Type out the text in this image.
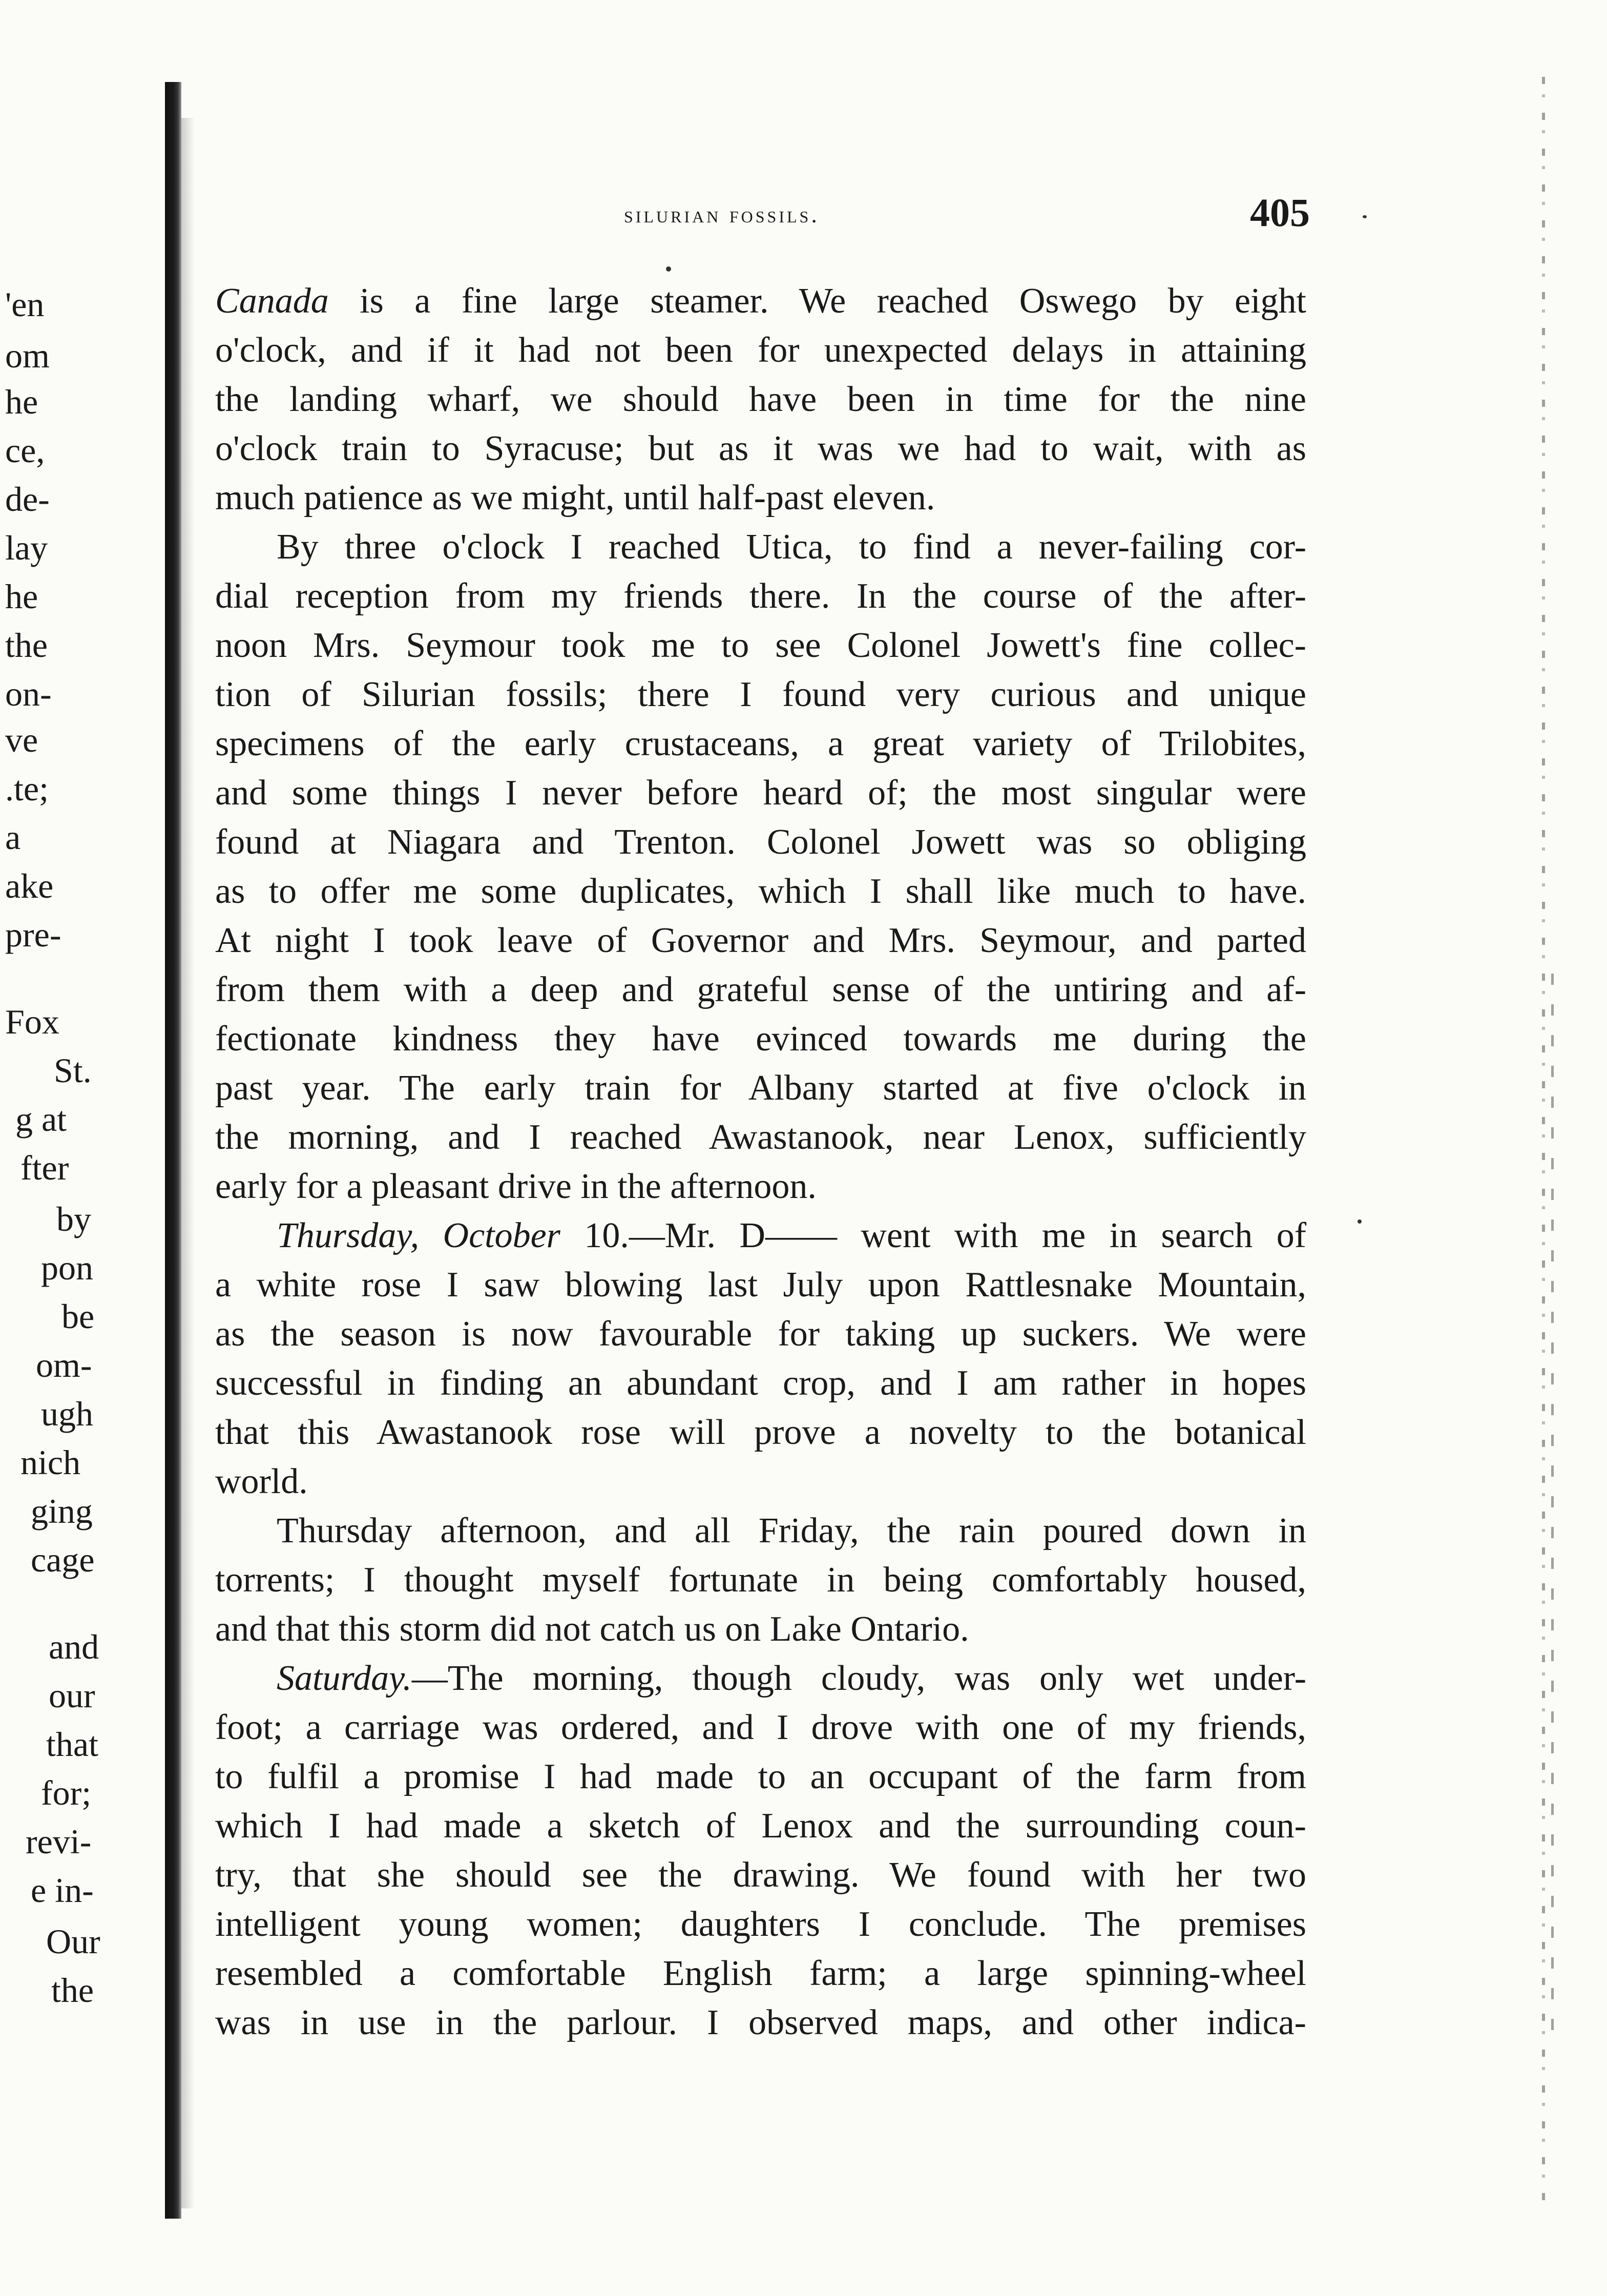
'en
om
he
ce,
de-
lay
he
the
on-
ve
.te;
a
ake
pre-
Fox
St.
g at
fter
by
pon
be
om-
ugh
nich
ging
cage
and
our
that
for;
revi-
e in-
Our
the
silurian fossils.	405
Canada is a fine large steamer. We reached Oswego by eight
o'clock, and if it had not been for unexpected delays in attaining
the landing wharf, we should have been in time for the nine
o'clock train to Syracuse; but as it was we had to wait, with as
much patience as we might, until half-past eleven.
By three o'clock I reached Utica, to find a never-failing cor-
dial reception from my friends there. In the course of the after-
noon Mrs. Seymour took me to see Colonel Jowett's fine collec-
tion of Silurian fossils; there I found very curious and unique
specimens of the early crustaceans, a great variety of Trilobites,
and some things I never before heard of; the most singular were
found at Niagara and Trenton. Colonel Jowett was so obliging
as to offer me some duplicates, which I shall like much to have.
At night I took leave of Governor and Mrs. Seymour, and parted
from them with a deep and grateful sense of the untiring and af-
fectionate kindness they have evinced towards me during the
past year. The early train for Albany started at five o'clock in
the morning, and I reached Awastanook, near Lenox, sufficiently
early for a pleasant drive in the afternoon.
Thursday, October 10.—Mr. D—— went with me in search of
a white rose I saw blowing last July upon Rattlesnake Mountain,
as the season is now favourable for taking up suckers. We were
successful in finding an abundant crop, and I am rather in hopes
that this Awastanook rose will prove a novelty to the botanical
world.
Thursday afternoon, and all Friday, the rain poured down in
torrents; I thought myself fortunate in being comfortably housed,
and that this storm did not catch us on Lake Ontario.
Saturday.—The morning, though cloudy, was only wet under-
foot; a carriage was ordered, and I drove with one of my friends,
to fulfil a promise I had made to an occupant of the farm from
which I had made a sketch of Lenox and the surrounding coun-
try, that she should see the drawing. We found with her two
intelligent young women; daughters I conclude. The premises
resembled a comfortable English farm; a large spinning-wheel
was in use in the parlour. I observed maps, and other indica-
